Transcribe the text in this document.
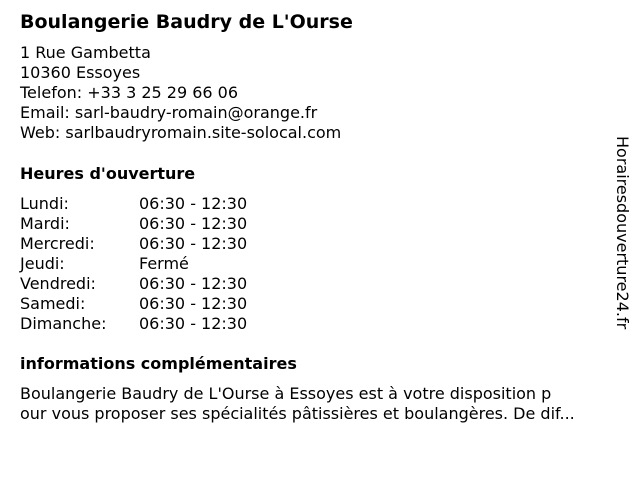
Boulangerie Baudry de L'Ourse
1 Rue Gambetta
10360 Essoyes
Telefon: +33 3 25 29 66 06
Email: sarl-baudry-romain@orange.fr
Web: sarlbaudryromain.site-solocal.com
Heures d'ouverture
Lundi:	06:30 - 12:30
Mardi:	06:30 - 12:30
Mercredi:	06:30 - 12:30
Jeudi:	Fermé
Vendredi:	06:30 - 12:30
Samedi:	06:30 - 12:30
Dimanche: 06:30 - 12:30
informations complémentaires
Boulangerie Baudry de L'Ourse à Essoyes est à votre disposition p
our vous proposer ses spécialités pâtissières et boulangères. De dif...
Horairesdouverture24.fr
